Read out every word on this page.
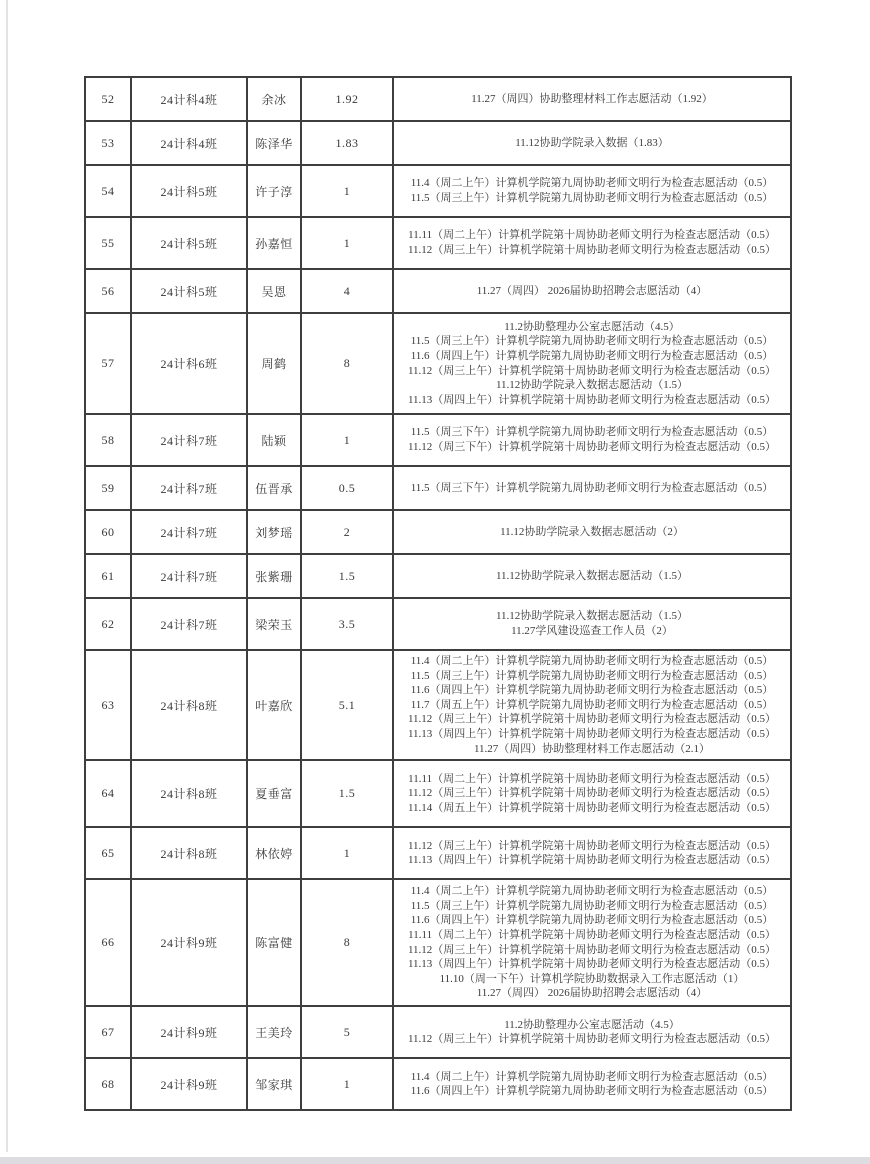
52	24计科4班	余冰	1.92	11.27（周四）协助整理材料工作志愿活动（1.92）

53	24计科4班	陈泽华	1.83	11.12协助学院录入数据（1.83）

54	24计科5班	许子淳	1	11.4（周二上午）计算机学院第九周协助老师文明行为检查志愿活动（0.5）
11.5（周三上午）计算机学院第九周协助老师文明行为检查志愿活动（0.5）

55	24计科5班	孙嘉恒	1	11.11（周二上午）计算机学院第十周协助老师文明行为检查志愿活动（0.5）
11.12（周三上午）计算机学院第十周协助老师文明行为检查志愿活动（0.5）

56	24计科5班	吴恩	4	11.27（周四） 2026届协助招聘会志愿活动（4）

57	24计科6班	周鹤	8	
11.2协助整理办公室志愿活动（4.5）
11.5（周三上午）计算机学院第九周协助老师文明行为检查志愿活动（0.5）
11.6（周四上午）计算机学院第九周协助老师文明行为检查志愿活动（0.5）
11.12（周三上午）计算机学院第十周协助老师文明行为检查志愿活动（0.5）
11.12协助学院录入数据志愿活动（1.5）
11.13（周四上午）计算机学院第十周协助老师文明行为检查志愿活动（0.5）

58	24计科7班	陆颖	1	11.5（周三下午）计算机学院第九周协助老师文明行为检查志愿活动（0.5）
11.12（周三下午）计算机学院第十周协助老师文明行为检查志愿活动（0.5）

59	24计科7班	伍晋承	0.5	11.5（周三下午）计算机学院第九周协助老师文明行为检查志愿活动（0.5）

60	24计科7班	刘梦瑶	2	11.12协助学院录入数据志愿活动（2）

61	24计科7班	张紫珊	1.5	11.12协助学院录入数据志愿活动（1.5）

62	24计科7班	梁荣玉	3.5	11.12协助学院录入数据志愿活动（1.5）
11.27学风建设巡查工作人员（2）

63	24计科8班	叶嘉欣	5.1	
11.4（周二上午）计算机学院第九周协助老师文明行为检查志愿活动（0.5）
11.5（周三上午）计算机学院第九周协助老师文明行为检查志愿活动（0.5）
11.6（周四上午）计算机学院第九周协助老师文明行为检查志愿活动（0.5）
11.7（周五上午）计算机学院第九周协助老师文明行为检查志愿活动（0.5）
11.12（周三上午）计算机学院第十周协助老师文明行为检查志愿活动（0.5）
11.13（周四上午）计算机学院第十周协助老师文明行为检查志愿活动（0.5）
11.27（周四）协助整理材料工作志愿活动（2.1）

64	24计科8班	夏垂富	1.5	11.11（周二上午）计算机学院第十周协助老师文明行为检查志愿活动（0.5）
11.12（周三上午）计算机学院第十周协助老师文明行为检查志愿活动（0.5）
11.14（周五上午）计算机学院第十周协助老师文明行为检查志愿活动（0.5）

65	24计科8班	林依婷	1	11.12（周三上午）计算机学院第十周协助老师文明行为检查志愿活动（0.5）
11.13（周四上午）计算机学院第十周协助老师文明行为检查志愿活动（0.5）

66	24计科9班	陈富健	8	
11.4（周二上午）计算机学院第九周协助老师文明行为检查志愿活动（0.5）
11.5（周三上午）计算机学院第九周协助老师文明行为检查志愿活动（0.5）
11.6（周四上午）计算机学院第九周协助老师文明行为检查志愿活动（0.5）
11.11（周二上午）计算机学院第十周协助老师文明行为检查志愿活动（0.5）
11.12（周三上午）计算机学院第十周协助老师文明行为检查志愿活动（0.5）
11.13（周四上午）计算机学院第十周协助老师文明行为检查志愿活动（0.5）
11.10（周一下午）计算机学院协助数据录入工作志愿活动（1）
11.27（周四） 2026届协助招聘会志愿活动（4）

67	24计科9班	王美玲	5	11.2协助整理办公室志愿活动（4.5）
11.12（周三上午）计算机学院第十周协助老师文明行为检查志愿活动（0.5）

68	24计科9班	邹家琪	1	11.4（周二上午）计算机学院第九周协助老师文明行为检查志愿活动（0.5）
11.6（周四上午）计算机学院第九周协助老师文明行为检查志愿活动（0.5）
